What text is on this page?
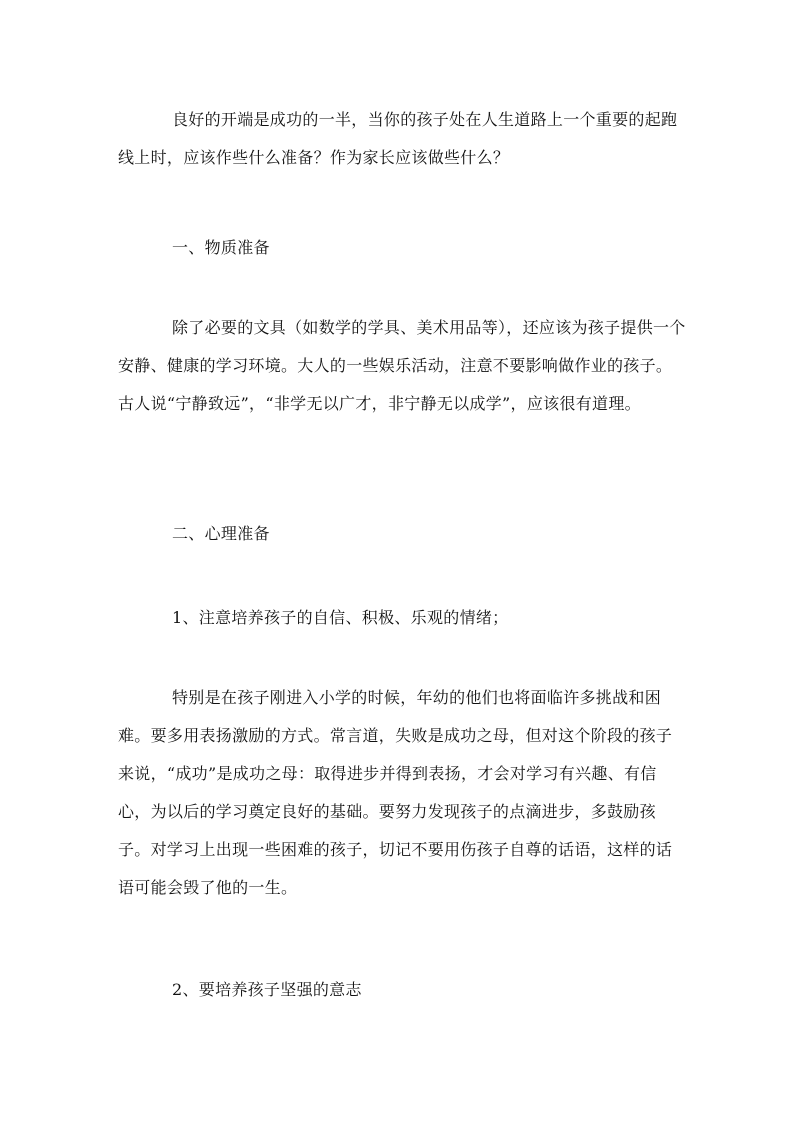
良好的开端是成功的一半，当你的孩子处在人生道路上一个重要的起跑线上时，应该作些什么准备？作为家长应该做些什么？

一、物质准备

除了必要的文具（如数学的学具、美术用品等），还应该为孩子提供一个安静、健康的学习环境。大人的一些娱乐活动，注意不要影响做作业的孩子。古人说“宁静致远”，“非学无以广才，非宁静无以成学”，应该很有道理。

二、心理准备

1、注意培养孩子的自信、积极、乐观的情绪；

特别是在孩子刚进入小学的时候，年幼的他们也将面临许多挑战和困难。要多用表扬激励的方式。常言道，失败是成功之母，但对这个阶段的孩子来说，“成功”是成功之母：取得进步并得到表扬，才会对学习有兴趣、有信心，为以后的学习奠定良好的基础。要努力发现孩子的点滴进步，多鼓励孩子。对学习上出现一些困难的孩子，切记不要用伤孩子自尊的话语，这样的话语可能会毁了他的一生。

2、要培养孩子坚强的意志
